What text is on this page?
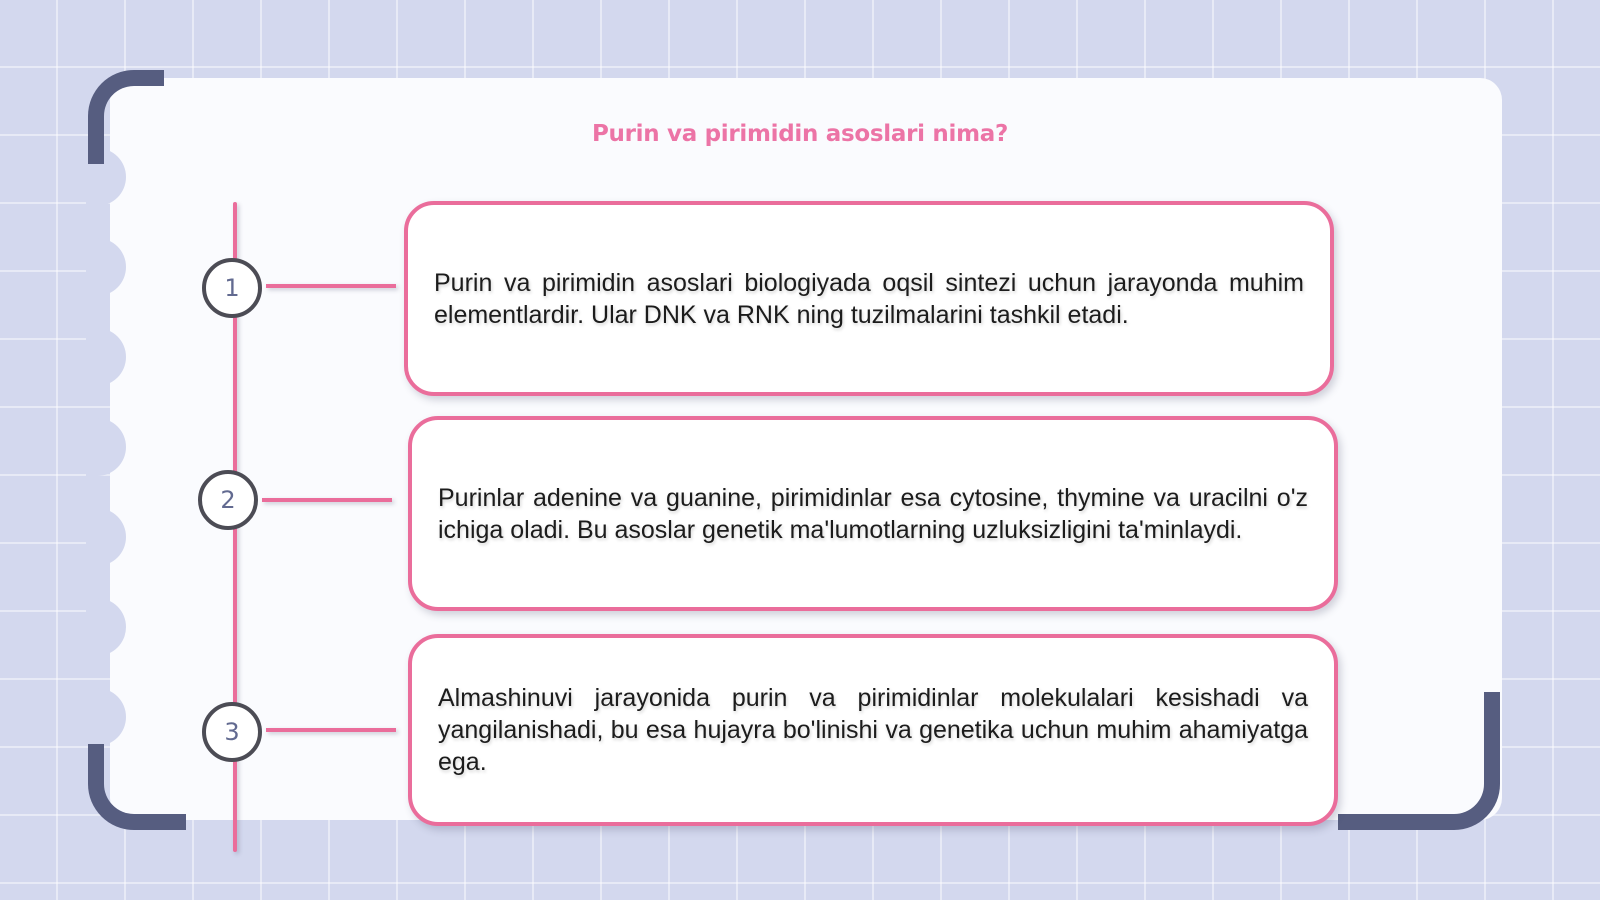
Purin va pirimidin asoslari nima?
1
2
3
Purin va pirimidin asoslari biologiyada oqsil sintezi uchun jarayonda muhim elementlardir. Ular DNK va RNK ning tuzilmalarini tashkil etadi.
Purinlar adenine va guanine, pirimidinlar esa cytosine, thymine va uracilni o'z ichiga oladi. Bu asoslar genetik ma'lumotlarning uzluksizligini ta'minlaydi.
Almashinuvi jarayonida purin va pirimidinlar molekulalari kesishadi va yangilanishadi, bu esa hujayra bo'linishi va genetika uchun muhim ahamiyatga ega.
